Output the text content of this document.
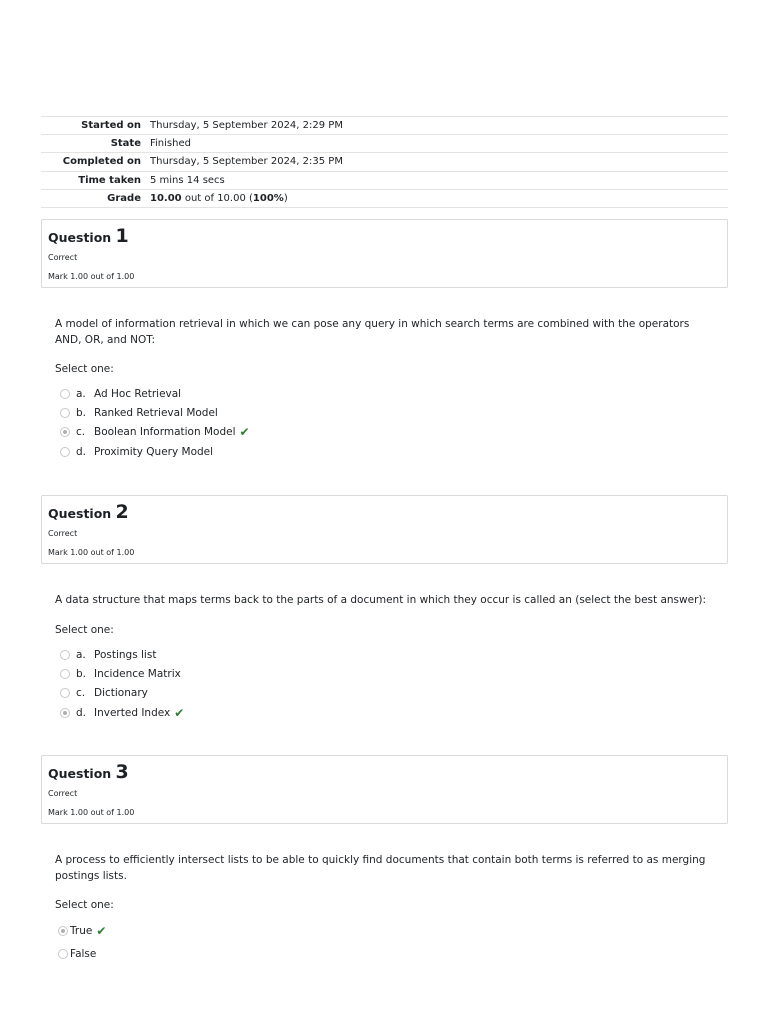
Started on Thursday, 5 September 2024, 2:29 PM
State Finished
Completed on Thursday, 5 September 2024, 2:35 PM
Time taken 5 mins 14 secs
Grade 10.00 out of 10.00 (100%)
Question 1
Correct
Mark 1.00 out of 1.00
A model of information retrieval in which we can pose any query in which search terms are combined with the operators AND, OR, and NOT:
Select one:
a. Ad Hoc Retrieval
b. Ranked Retrieval Model
c. Boolean Information Model ✔
d. Proximity Query Model
Question 2
Correct
Mark 1.00 out of 1.00
A data structure that maps terms back to the parts of a document in which they occur is called an (select the best answer):
Select one:
a. Postings list
b. Incidence Matrix
c. Dictionary
d. Inverted Index ✔
Question 3
Correct
Mark 1.00 out of 1.00
A process to efficiently intersect lists to be able to quickly find documents that contain both terms is referred to as merging postings lists.
Select one:
True ✔
False
